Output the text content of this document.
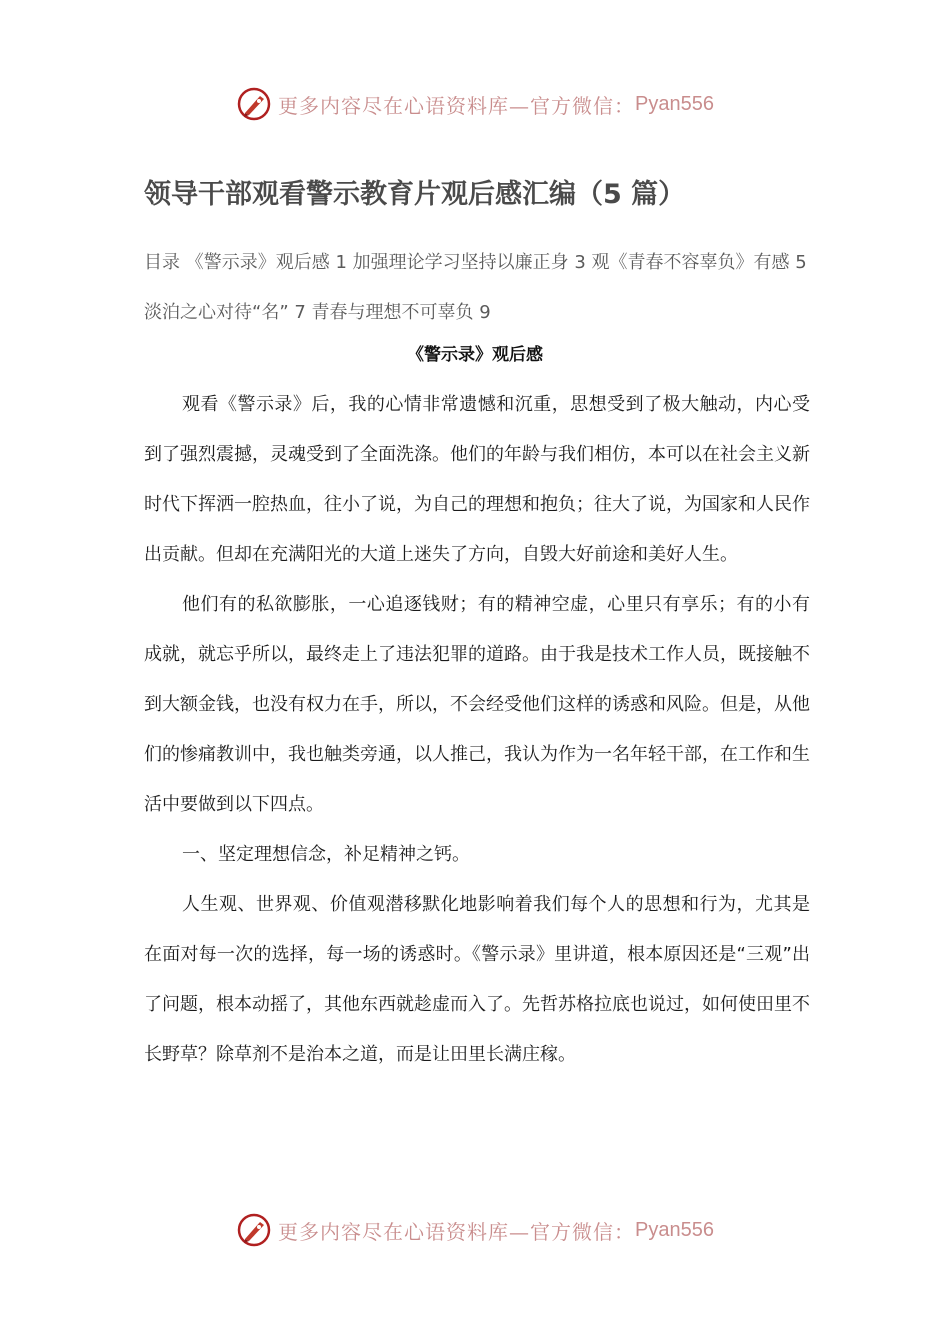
更多内容尽在心语资料库—官方微信： Pyan556
领导干部观看警示教育片观后感汇编（5 篇）

目录 《警示录》观后感 1 加强理论学习坚持以廉正身 3 观《青春不容辜负》有感 5 淡泊之心对待“名” 7 青春与理想不可辜负 9

《警示录》观后感

观看《警示录》后，我的心情非常遗憾和沉重，思想受到了极大触动，内心受到了强烈震撼，灵魂受到了全面洗涤。他们的年龄与我们相仿，本可以在社会主义新时代下挥洒一腔热血，往小了说，为自己的理想和抱负；往大了说，为国家和人民作出贡献。但却在充满阳光的大道上迷失了方向，自毁大好前途和美好人生。

他们有的私欲膨胀，一心追逐钱财；有的精神空虚，心里只有享乐；有的小有成就，就忘乎所以，最终走上了违法犯罪的道路。由于我是技术工作人员，既接触不到大额金钱，也没有权力在手，所以，不会经受他们这样的诱惑和风险。但是，从他们的惨痛教训中，我也触类旁通，以人推己，我认为作为一名年轻干部，在工作和生活中要做到以下四点。

一、坚定理想信念，补足精神之钙。

人生观、世界观、价值观潜移默化地影响着我们每个人的思想和行为，尤其是在面对每一次的选择，每一场的诱惑时。《警示录》里讲道，根本原因还是“三观”出了问题，根本动摇了，其他东西就趁虚而入了。先哲苏格拉底也说过，如何使田里不长野草？除草剂不是治本之道，而是让田里长满庄稼。

更多内容尽在心语资料库—官方微信： Pyan556
